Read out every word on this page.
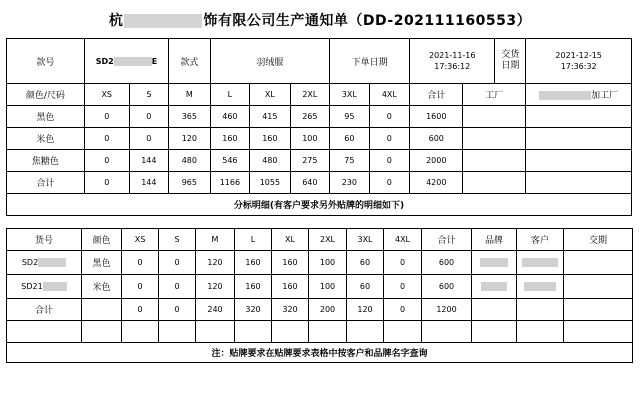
杭	饰有限公司生产通知单（DD-202111160553）
款号	SD2 E		款式	羽绒服			下单日期		2021-11-16 17:36:12		交货日期	2021-12-15 17:36:32
颜色/尺码	XS	S	M	L	XL	2XL	3XL	4XL	合计	工厂		加工厂
黑色	0	0	365	460	415	265	95	0	1600			
米色	0	0	120	160	160	100	60	0	600			
焦糖色	0	144	480	546	480	275	75	0	2000			
合计	0	144	965	1166	1055	640	230	0	4200			
分标明细(有客户要求另外贴牌的明细如下)												
货号	颜色	XS	S	M	L	XL	2XL	3XL	4XL	合计	品牌	客户	交期
SD2	黑色	0	0	120	160	160	100	60	0	600			
SD21	米色	0	0	120	160	160	100	60	0	600			
合计		0	0	240	320	320	200	120	0	1200			

注：贴牌要求在贴牌要求表格中按客户和品牌名字查询													
